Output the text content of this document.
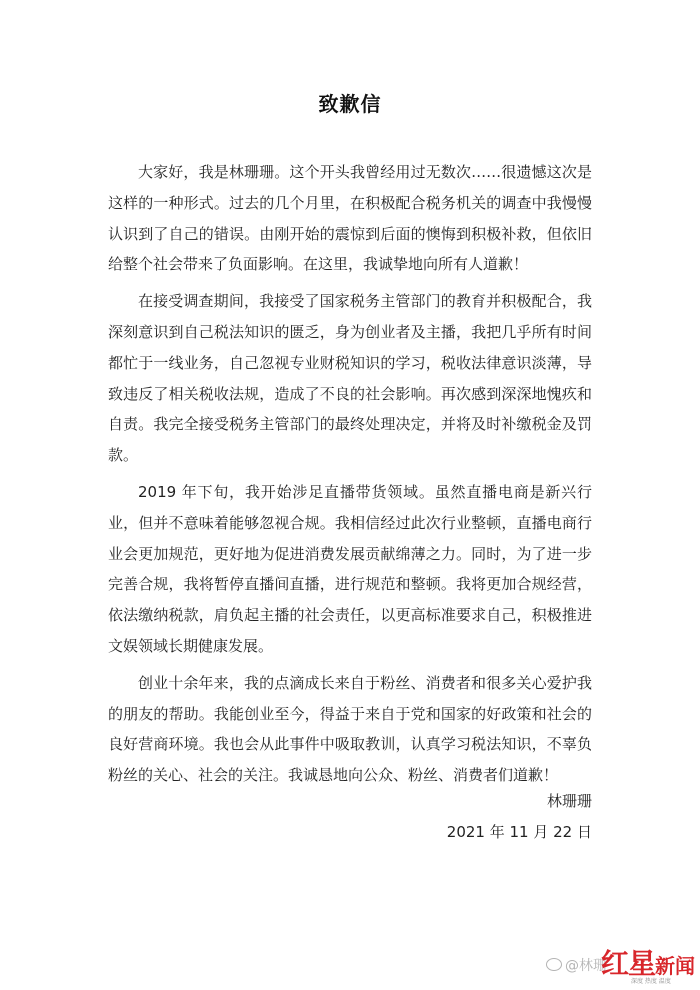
致歉信

大家好，我是林珊珊。这个开头我曾经用过无数次……很遗憾这次是这样的一种形式。过去的几个月里，在积极配合税务机关的调查中我慢慢认识到了自己的错误。由刚开始的震惊到后面的懊悔到积极补救，但依旧给整个社会带来了负面影响。在这里，我诚挚地向所有人道歉！

在接受调查期间，我接受了国家税务主管部门的教育并积极配合，我深刻意识到自己税法知识的匮乏，身为创业者及主播，我把几乎所有时间都忙于一线业务，自己忽视专业财税知识的学习，税收法律意识淡薄，导致违反了相关税收法规，造成了不良的社会影响。再次感到深深地愧疚和自责。我完全接受税务主管部门的最终处理决定，并将及时补缴税金及罚款。

2019 年下旬，我开始涉足直播带货领域。虽然直播电商是新兴行业，但并不意味着能够忽视合规。我相信经过此次行业整顿，直播电商行业会更加规范，更好地为促进消费发展贡献绵薄之力。同时，为了进一步完善合规，我将暂停直播间直播，进行规范和整顿。我将更加合规经营，依法缴纳税款，肩负起主播的社会责任，以更高标准要求自己，积极推进文娱领域长期健康发展。

创业十余年来，我的点滴成长来自于粉丝、消费者和很多关心爱护我的朋友的帮助。我能创业至今，得益于来自于党和国家的好政策和社会的良好营商环境。我也会从此事件中吸取教训，认真学习税法知识，不辜负粉丝的关心、社会的关注。我诚恳地向公众、粉丝、消费者们道歉！

林珊珊
2021 年 11 月 22 日
@林珊
红
星
新闻
深度 热度 温度
